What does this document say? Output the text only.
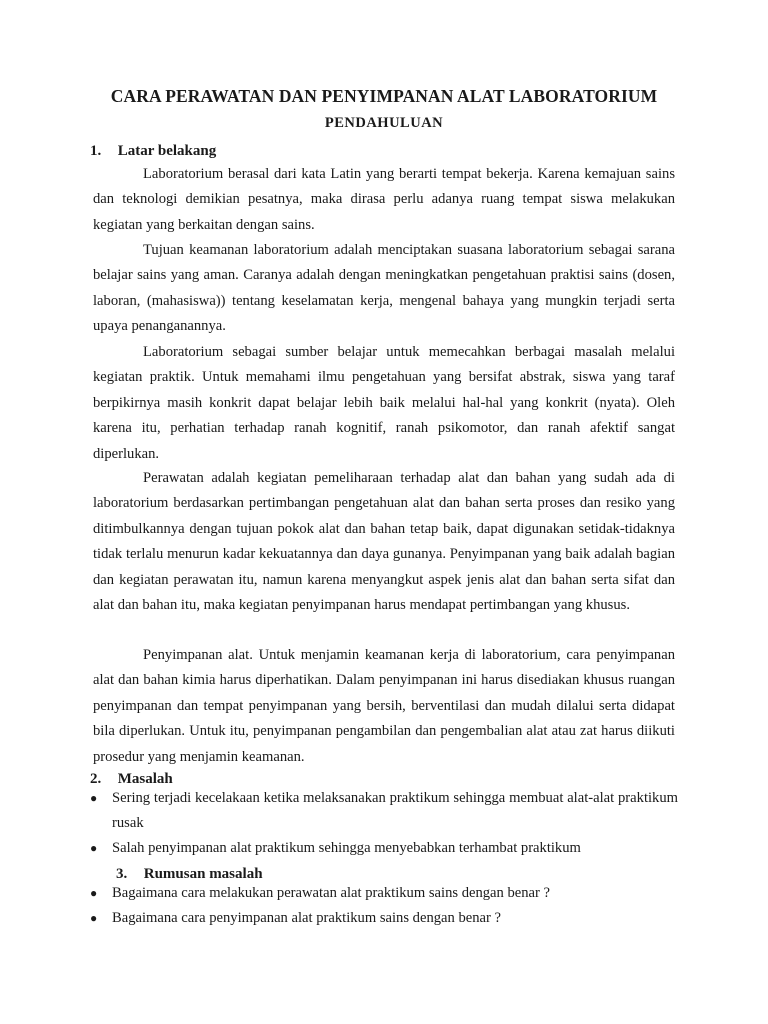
CARA PERAWATAN DAN PENYIMPANAN ALAT LABORATORIUM
PENDAHULUAN
1. Latar belakang

Laboratorium berasal dari kata Latin yang berarti tempat bekerja. Karena kemajuan sains dan teknologi demikian pesatnya, maka dirasa perlu adanya ruang tempat siswa melakukan kegiatan yang berkaitan dengan sains.

Tujuan keamanan laboratorium adalah menciptakan suasana laboratorium sebagai sarana belajar sains yang aman. Caranya adalah dengan meningkatkan pengetahuan praktisi sains (dosen, laboran, (mahasiswa)) tentang keselamatan kerja, mengenal bahaya yang mungkin terjadi serta upaya penanganannya.

Laboratorium sebagai sumber belajar untuk memecahkan berbagai masalah melalui kegiatan praktik. Untuk memahami ilmu pengetahuan yang bersifat abstrak, siswa yang taraf berpikirnya masih konkrit dapat belajar lebih baik melalui hal-hal yang konkrit (nyata). Oleh karena itu, perhatian terhadap ranah kognitif, ranah psikomotor, dan ranah afektif sangat diperlukan.

Perawatan adalah kegiatan pemeliharaan terhadap alat dan bahan yang sudah ada di laboratorium berdasarkan pertimbangan pengetahuan alat dan bahan serta proses dan resiko yang ditimbulkannya dengan tujuan pokok alat dan bahan tetap baik, dapat digunakan setidak-tidaknya tidak terlalu menurun kadar kekuatannya dan daya gunanya. Penyimpanan yang baik adalah bagian dan kegiatan perawatan itu, namun karena menyangkut aspek jenis alat dan bahan serta sifat dan alat dan bahan itu, maka kegiatan penyimpanan harus mendapat pertimbangan yang khusus.

Penyimpanan alat. Untuk menjamin keamanan kerja di laboratorium, cara penyimpanan alat dan bahan kimia harus diperhatikan. Dalam penyimpanan ini harus disediakan khusus ruangan penyimpanan dan tempat penyimpanan yang bersih, berventilasi dan mudah dilalui serta didapat bila diperlukan. Untuk itu, penyimpanan pengambilan dan pengembalian alat atau zat harus diikuti prosedur yang menjamin keamanan.

2. Masalah
● Sering terjadi kecelakaan ketika melaksanakan praktikum sehingga membuat alat-alat praktikum rusak
● Salah penyimpanan alat praktikum sehingga menyebabkan terhambat praktikum
3. Rumusan masalah
● Bagaimana cara melakukan perawatan alat praktikum sains dengan benar ?
● Bagaimana cara penyimpanan alat praktikum sains dengan benar ?
